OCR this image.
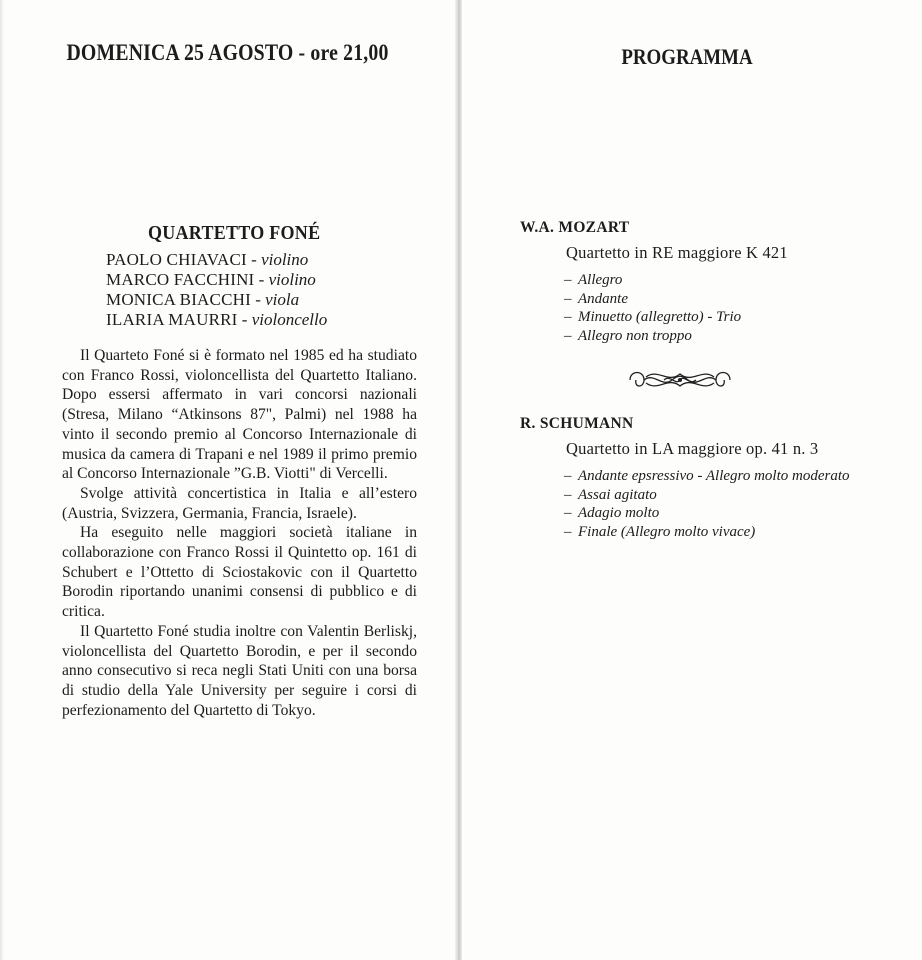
DOMENICA 25 AGOSTO - ore 21,00
QUARTETTO FONÉ
PAOLO CHIAVACI - violino
MARCO FACCHINI - violino
MONICA BIACCHI - viola
ILARIA MAURRI - violoncello

Il Quarteto Foné si è formato nel 1985 ed ha studiato con Franco Rossi, violoncellista del Quartetto Italiano. Dopo essersi affermato in vari concorsi nazionali (Stresa, Milano “Atkinsons 87", Palmi) nel 1988 ha vinto il secondo premio al Concorso Internazionale di musica da camera di Trapani e nel 1989 il primo premio al Concorso Internazionale ”G.B. Viotti" di Vercelli.

Svolge attività concertistica in Italia e all’estero (Austria, Svizzera, Germania, Francia, Israele).

Ha eseguito nelle maggiori società italiane in collaborazione con Franco Rossi il Quintetto op. 161 di Schubert e l’Ottetto di Sciostakovic con il Quartetto Borodin riportando unanimi consensi di pubblico e di critica.

Il Quartetto Foné studia inoltre con Valentin Berliskj, violoncellista del Quartetto Borodin, e per il secondo anno consecutivo si reca negli Stati Uniti con una borsa di studio della Yale University per seguire i corsi di perfezionamento del Quartetto di Tokyo.

PROGRAMMA
W.A. MOZART
Quartetto in RE maggiore K 421
– Allegro
– Andante
– Minuetto (allegretto) - Trio
– Allegro non troppo
R. SCHUMANN
Quartetto in LA maggiore op. 41 n. 3
– Andante epsressivo - Allegro molto moderato
– Assai agitato
– Adagio molto
– Finale (Allegro molto vivace)
